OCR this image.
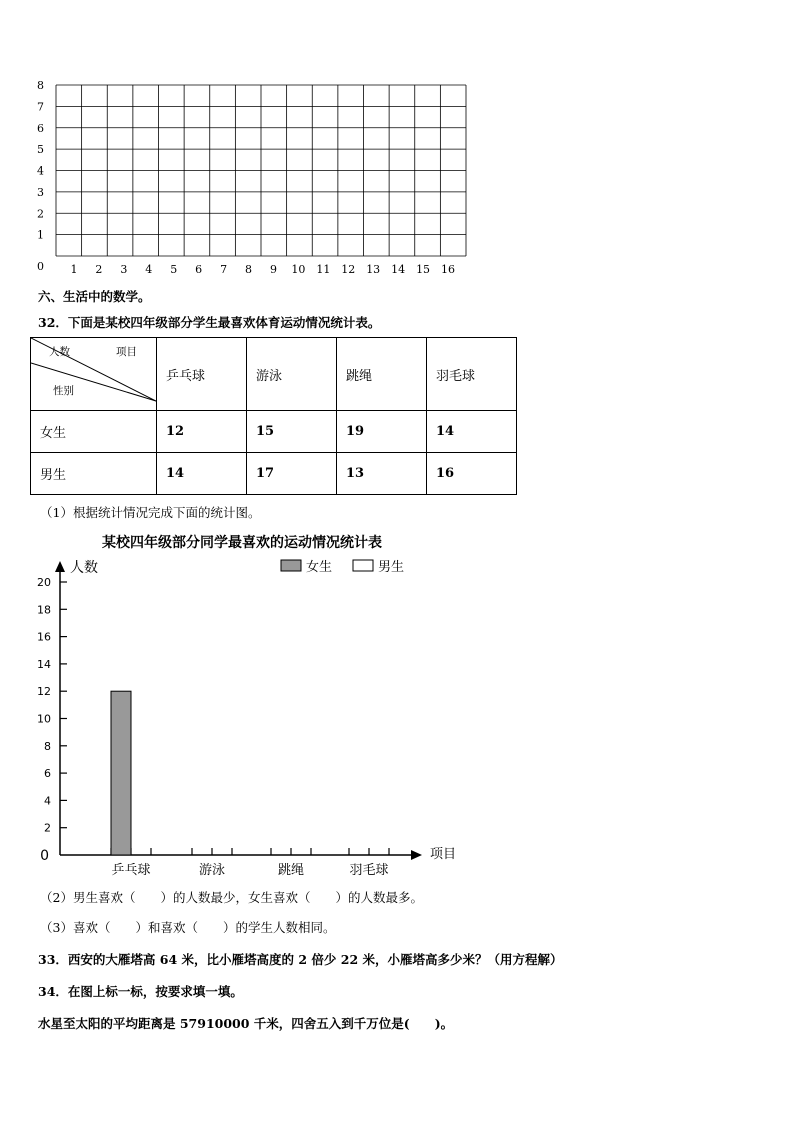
0
1
2
3
4
5
6
7
8
1 2 3 4 5 6 7 8 9 10 11 12 13 14 15 16
六、生活中的数学。
32．下面是某校四年级部分学生最喜欢体育运动情况统计表。
人数 项目
性别	乒乓球	游泳	跳绳	羽毛球
女生	12	15	19	14
男生	14	17	13	16
（1）根据统计情况完成下面的统计图。
某校四年级部分同学最喜欢的运动情况统计表
女生	男生
人数
项目
0
2
4
6
8
10
12
14
16
18
20
乒乓球	游泳	跳绳	羽毛球
（2）男生喜欢（　　）的人数最少，女生喜欢（　　）的人数最多。
（3）喜欢（　　）和喜欢（　　）的学生人数相同。
33．西安的大雁塔高 64 米，比小雁塔高度的 2 倍少 22 米，小雁塔高多少米？（用方程解）
34．在图上标一标，按要求填一填。
水星至太阳的平均距离是 57910000 千米，四舍五入到千万位是(　　)。
